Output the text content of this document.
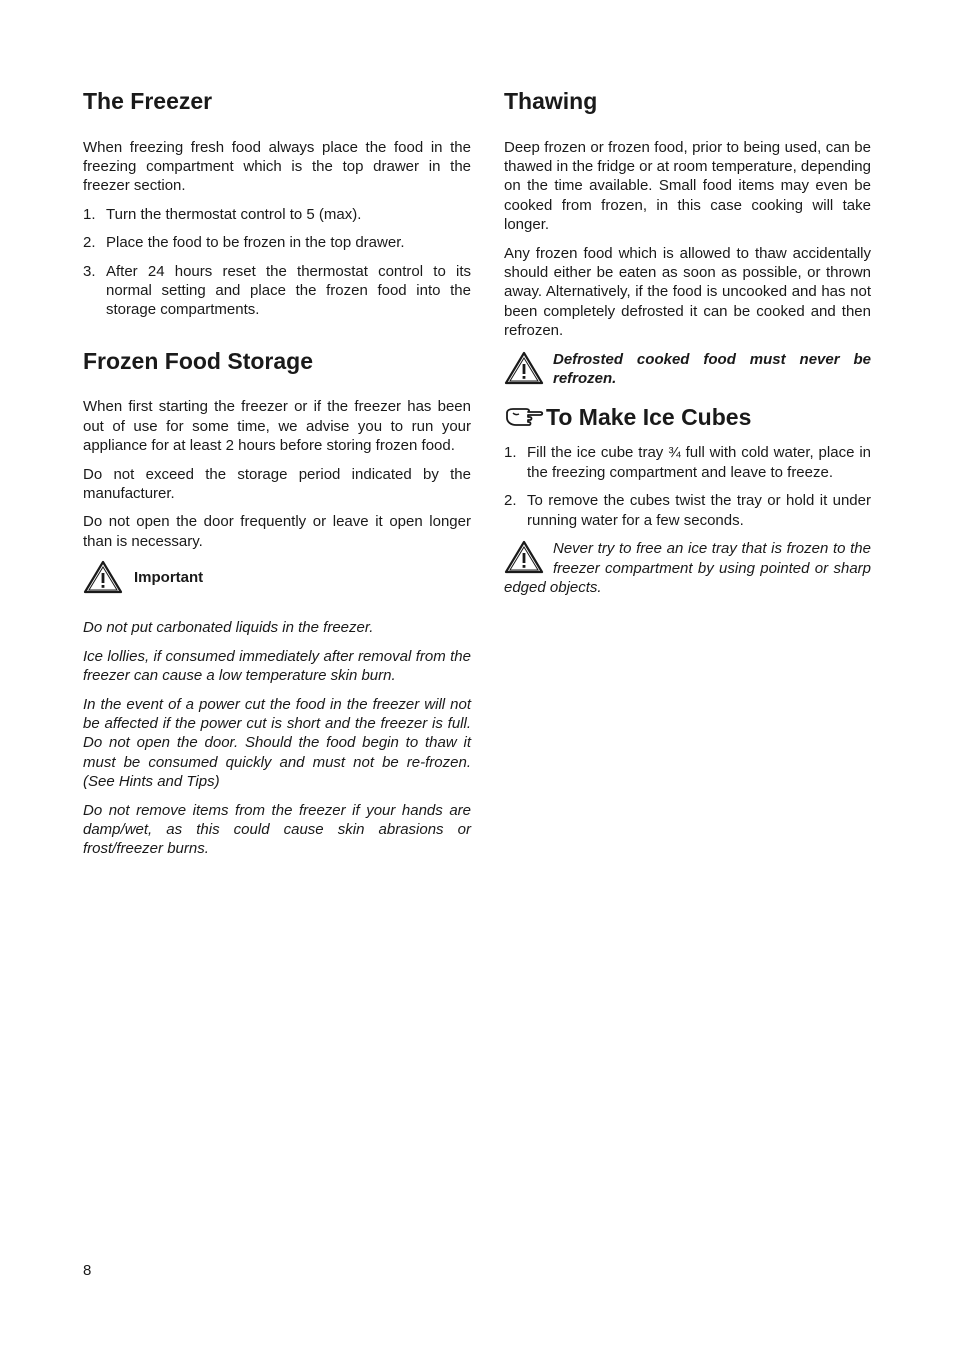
The Freezer

When freezing fresh food always place the food in the freezing compartment which is the top drawer in the freezer section.

1. Turn the thermostat control to 5 (max).
2. Place the food to be frozen in the top drawer.
3. After 24 hours reset the thermostat control to its normal setting and place the frozen food into the storage compartments.
Frozen Food Storage

When first starting the freezer or if the freezer has been out of use for some time, we advise you to run your appliance for at least 2 hours before storing frozen food.

Do not exceed the storage period indicated by the manufacturer.

Do not open the door frequently or leave it open longer than is necessary.

Important

Do not put carbonated liquids in the freezer.

Ice lollies, if consumed immediately after removal from the freezer can cause a low temperature skin burn.

In the event of a power cut the food in the freezer will not be affected if the power cut is short and the freezer is full. Do not open the door. Should the food begin to thaw it must be consumed quickly and must not be re-frozen. (See Hints and Tips)

Do not remove items from the freezer if your hands are damp/wet, as this could cause skin abrasions or frost/freezer burns.

Thawing

Deep frozen or frozen food, prior to being used, can be thawed in the fridge or at room temperature, depending on the time available. Small food items may even be cooked from frozen, in this case cooking will take longer.

Any frozen food which is allowed to thaw accidentally should either be eaten as soon as possible, or thrown away. Alternatively, if the food is uncooked and has not been completely defrosted it can be cooked and then refrozen.

Defrosted cooked food must never be refrozen.
To Make Ice Cubes
1. Fill the ice cube tray ¾ full with cold water, place in the freezing compartment and leave to freeze.
2. To remove the cubes twist the tray or hold it under running water for a few seconds.
Never try to free an ice tray that is frozen to the freezer compartment by using pointed or sharp edged objects.
8
